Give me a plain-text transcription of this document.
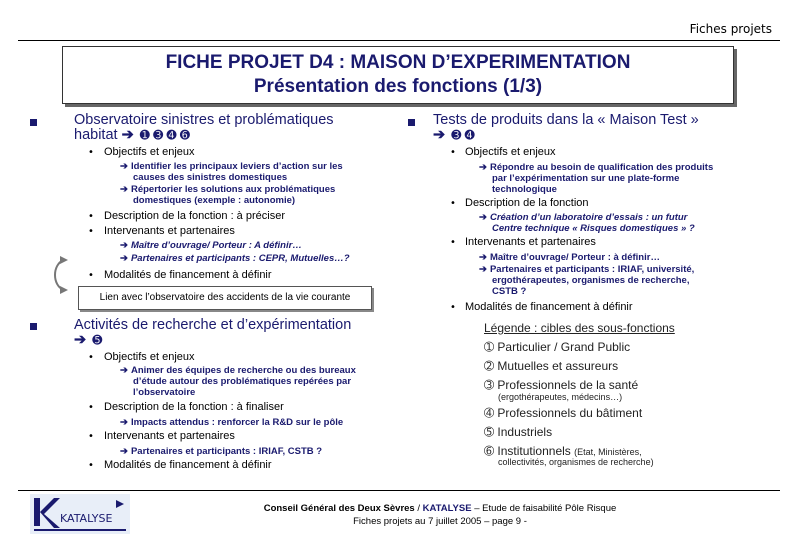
Fiches projets
FICHE PROJET D4 : MAISON D’EXPERIMENTATION
Présentation des fonctions (1/3)
Observatoire sinistres et problématiques
habitat ➔ ➊ ➌ ➍ ➏
• Objectifs et enjeux
➔ Identifier les principaux leviers d’action sur les
causes des sinistres domestiques
➔ Répertorier les solutions aux problématiques
domestiques (exemple : autonomie)
• Description de la fonction : à préciser
• Intervenants et partenaires
➔ Maître d’ouvrage/ Porteur : A définir…
➔ Partenaires et participants : CEPR, Mutuelles…?
• Modalités de financement à définir
Lien avec l’observatoire des accidents de la vie courante
Activités de recherche et d’expérimentation
➔ ➎
• Objectifs et enjeux
➔ Animer des équipes de recherche ou des bureaux
d’étude autour des problématiques repérées par
l’observatoire
• Description de la fonction : à finaliser
➔ Impacts attendus : renforcer la R&D sur le pôle
• Intervenants et partenaires
➔ Partenaires et participants : IRIAF, CSTB ?
• Modalités de financement à définir
Tests de produits dans la « Maison Test »
➔ ➌ ➍
• Objectifs et enjeux
➔ Répondre au besoin de qualification des produits
par l’expérimentation sur une plate-forme
technologique
• Description de la fonction
➔ Création d’un laboratoire d’essais : un futur
Centre technique « Risques domestiques » ?
• Intervenants et partenaires
➔ Maître d’ouvrage/ Porteur : à définir…
➔ Partenaires et participants : IRIAF, université,
ergothérapeutes, organismes de recherche,
CSTB ?
• Modalités de financement à définir
Légende : cibles des sous-fonctions
➀ Particulier / Grand Public
➁ Mutuelles et assureurs
➂ Professionnels de la santé
(ergothérapeutes, médecins…)
➃ Professionnels du bâtiment
➄ Industriels
➅ Institutionnels (Etat, Ministères,
collectivités, organismes de recherche)
KATALYSE
Conseil Général des Deux Sèvres / KATALYSE – Etude de faisabilité Pôle Risque
Fiches projets au 7 juillet 2005 – page 9 -
